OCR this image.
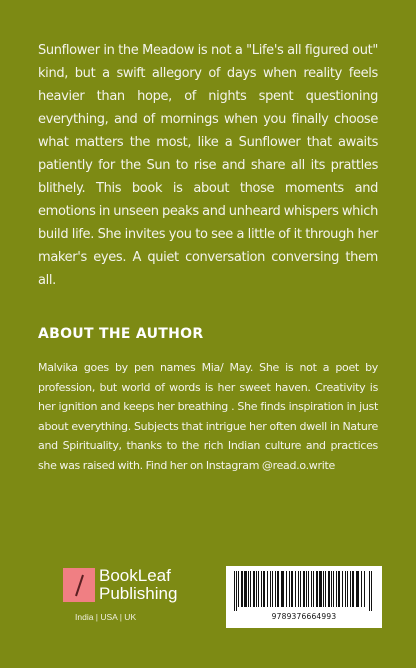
Sunflower in the Meadow is not a "Life's all figured out" kind, but a swift allegory of days when reality feels heavier than hope, of nights spent questioning everything, and of mornings when you finally choose what matters the most, like a Sunflower that awaits patiently for the Sun to rise and share all its prattles blithely. This book is about those moments and emotions in unseen peaks and unheard whispers which build life. She invites you to see a little of it through her maker's eyes. A quiet conversation conversing them all.

ABOUT THE AUTHOR

Malvika goes by pen names Mia/ May. She is not a poet by profession, but world of words is her sweet haven. Creativity is her ignition and keeps her breathing . She finds inspiration in just about everything. Subjects that intrigue her often dwell in Nature and Spirituality, thanks to the rich Indian culture and practices she was raised with. Find her on Instagram @read.o.write

BookLeaf
Publishing
India | USA | UK	9789376664993
